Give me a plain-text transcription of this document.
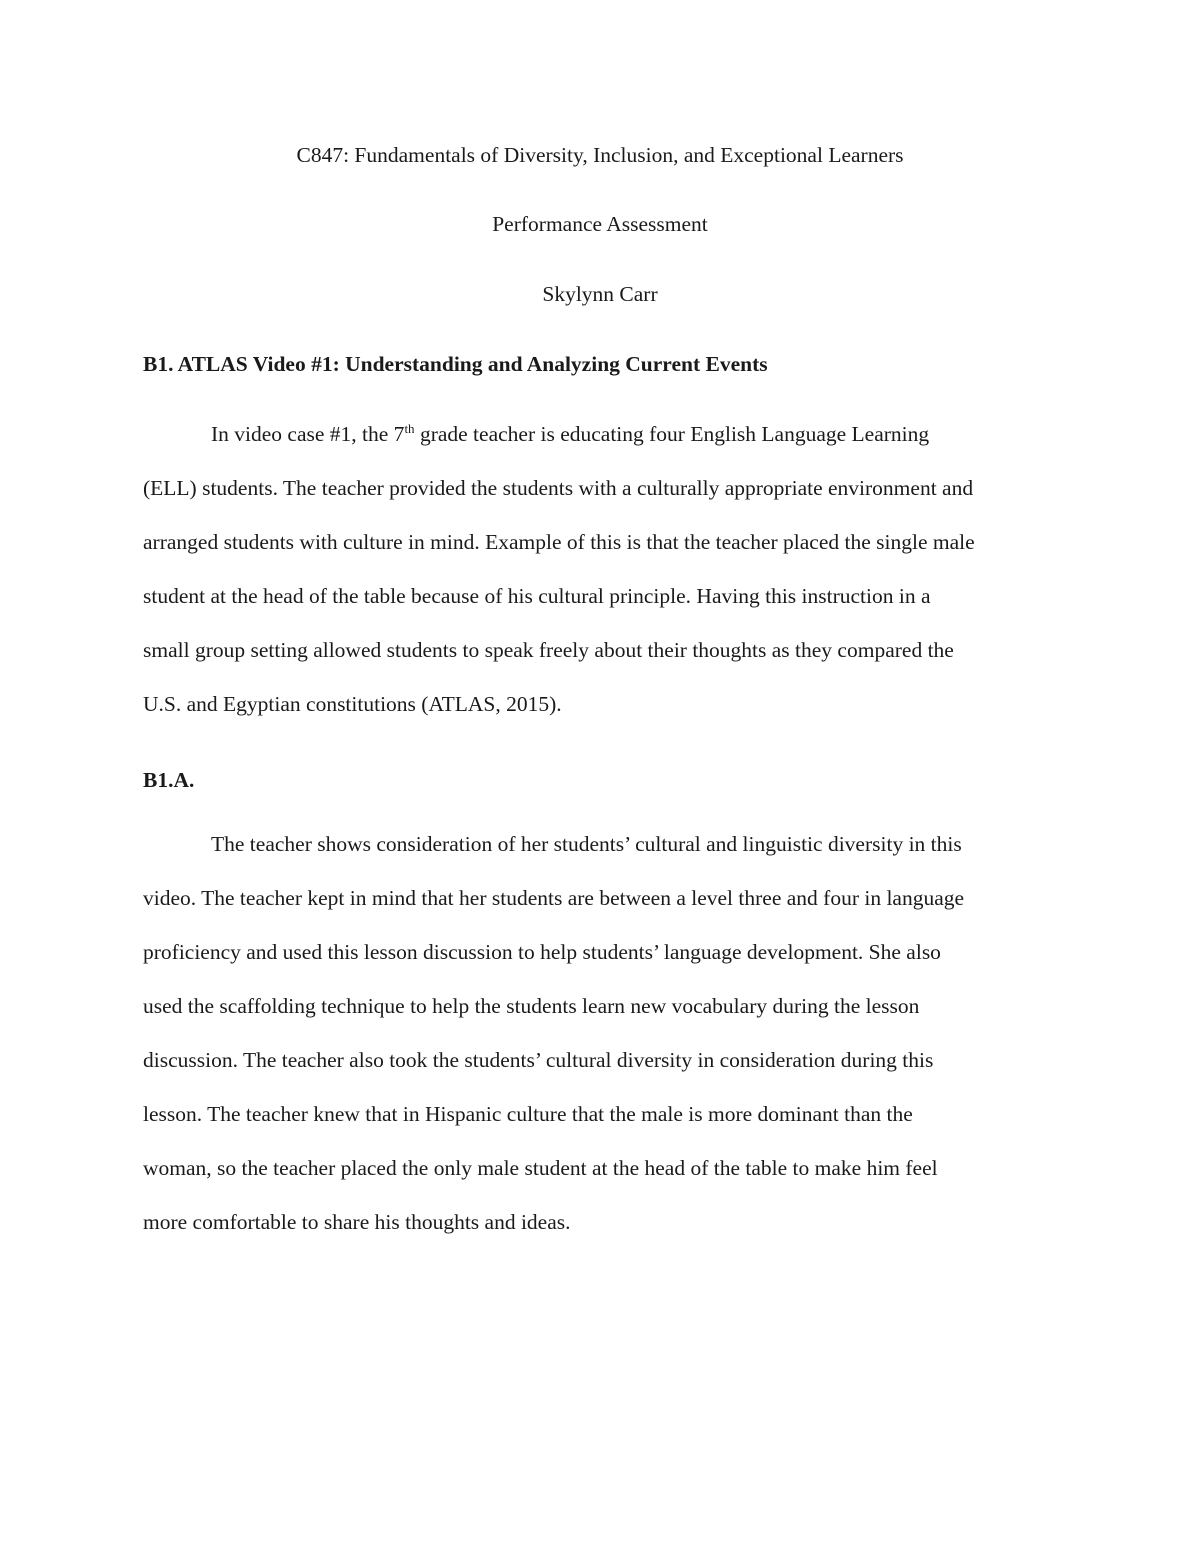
C847: Fundamentals of Diversity, Inclusion, and Exceptional Learners
Performance Assessment
Skylynn Carr
B1. ATLAS Video #1: Understanding and Analyzing Current Events
In video case #1, the 7th grade teacher is educating four English Language Learning
(ELL) students. The teacher provided the students with a culturally appropriate environment and
arranged students with culture in mind. Example of this is that the teacher placed the single male
student at the head of the table because of his cultural principle. Having this instruction in a
small group setting allowed students to speak freely about their thoughts as they compared the
U.S. and Egyptian constitutions (ATLAS, 2015).
B1.A.
The teacher shows consideration of her students’ cultural and linguistic diversity in this
video. The teacher kept in mind that her students are between a level three and four in language
proficiency and used this lesson discussion to help students’ language development. She also
used the scaffolding technique to help the students learn new vocabulary during the lesson
discussion. The teacher also took the students’ cultural diversity in consideration during this
lesson. The teacher knew that in Hispanic culture that the male is more dominant than the
woman, so the teacher placed the only male student at the head of the table to make him feel
more comfortable to share his thoughts and ideas.
